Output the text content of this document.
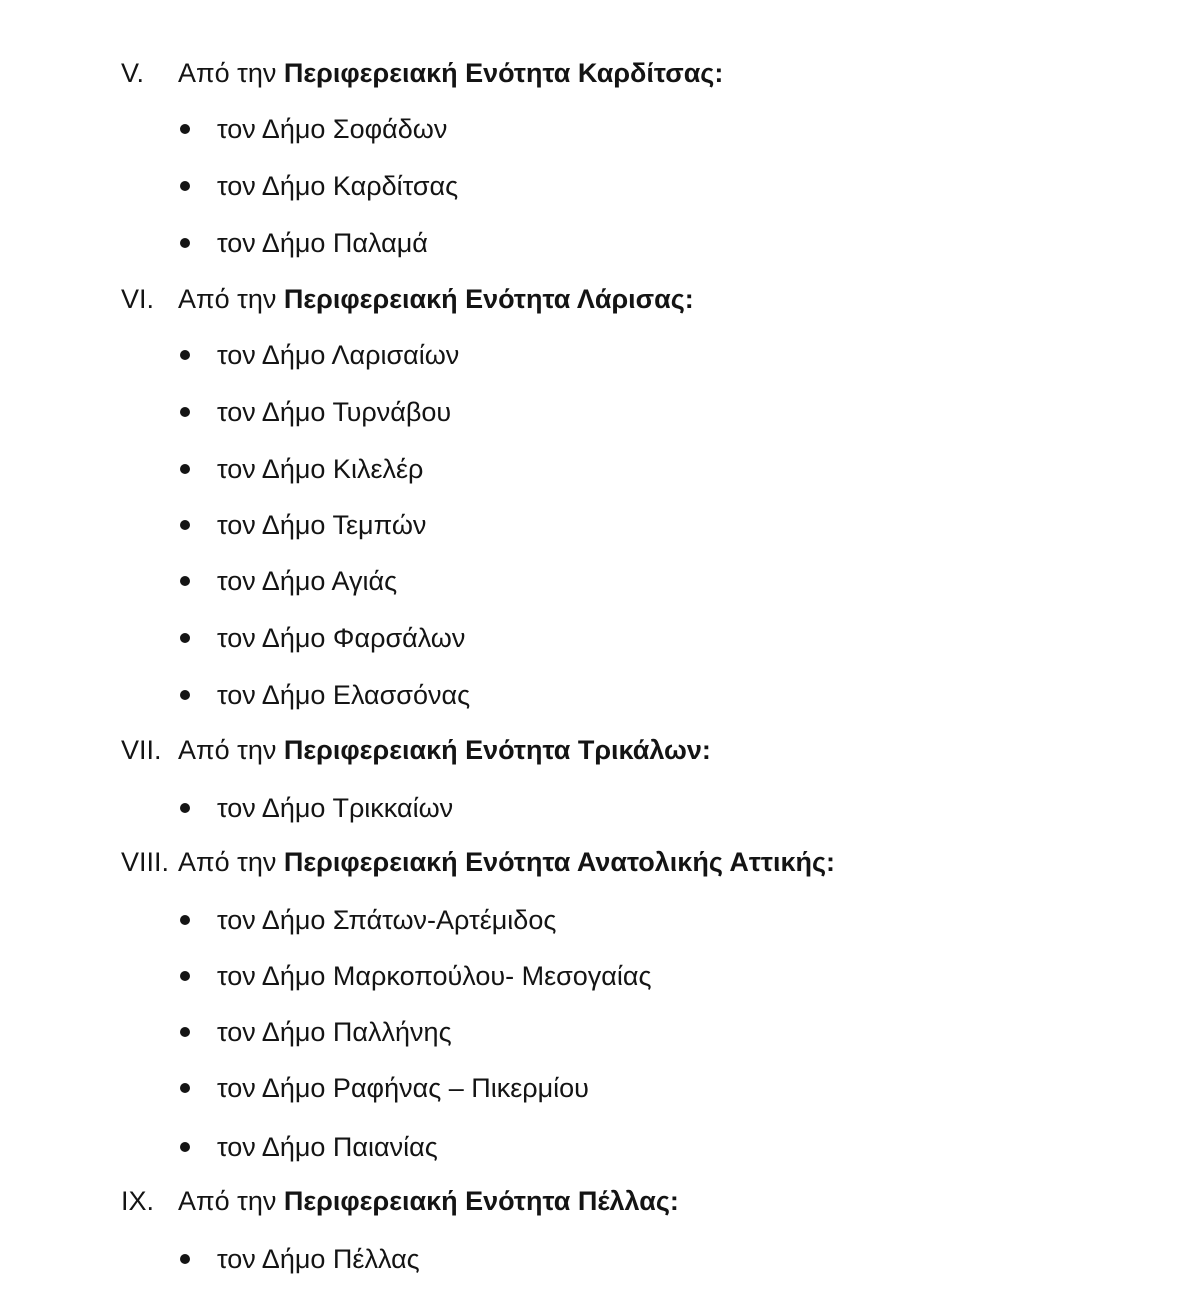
V. Από την Περιφερειακή Ενότητα Καρδίτσας:
τον Δήμο Σοφάδων
τον Δήμο Καρδίτσας
τον Δήμο Παλαμά
VI. Από την Περιφερειακή Ενότητα Λάρισας:
τον Δήμο Λαρισαίων
τον Δήμο Τυρνάβου
τον Δήμο Κιλελέρ
τον Δήμο Τεμπών
τον Δήμο Αγιάς
τον Δήμο Φαρσάλων
τον Δήμο Ελασσόνας
VII. Από την Περιφερειακή Ενότητα Τρικάλων:
τον Δήμο Τρικκαίων
VIII. Από την Περιφερειακή Ενότητα Ανατολικής Αττικής:
τον Δήμο Σπάτων-Αρτέμιδος
τον Δήμο Μαρκοπούλου- Μεσογαίας
τον Δήμο Παλλήνης
τον Δήμο Ραφήνας – Πικερμίου
τον Δήμο Παιανίας
IX. Από την Περιφερειακή Ενότητα Πέλλας:
τον Δήμο Πέλλας
